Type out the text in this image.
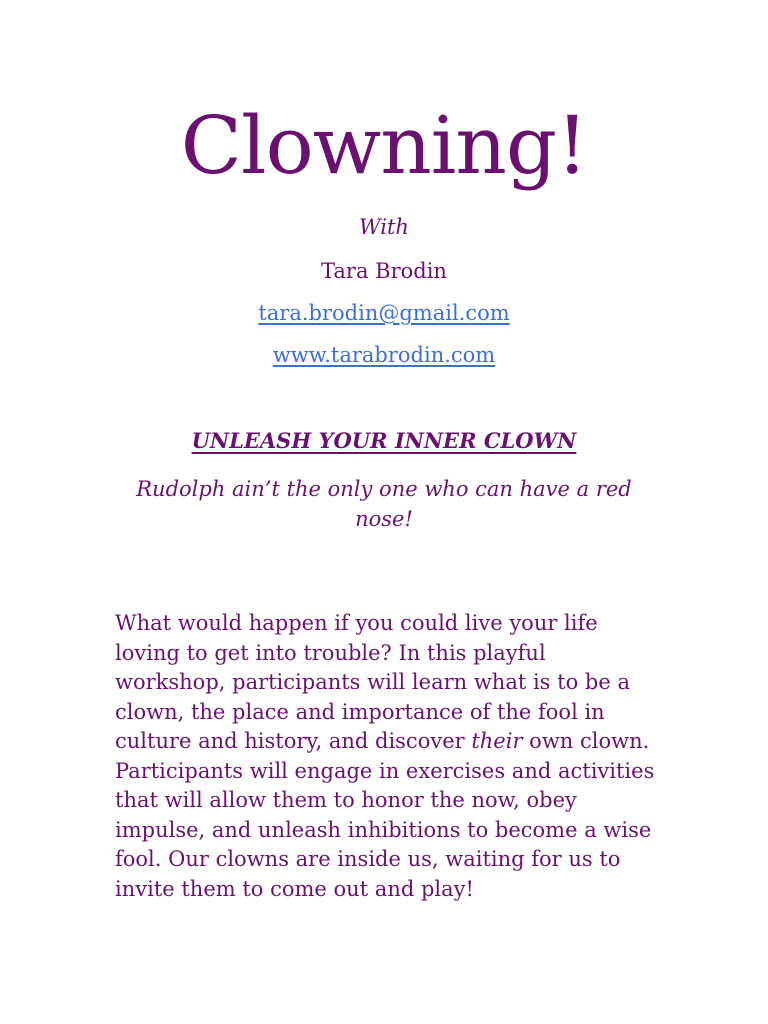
Clowning!
With
Tara Brodin
tara.brodin@gmail.com
www.tarabrodin.com
UNLEASH YOUR INNER CLOWN
Rudolph ain’t the only one who can have a red nose!

What would happen if you could live your life loving to get into trouble? In this playful workshop, participants will learn what is to be a clown, the place and importance of the fool in culture and history, and discover their own clown. Participants will engage in exercises and activities that will allow them to honor the now, obey impulse, and unleash inhibitions to become a wise fool. Our clowns are inside us, waiting for us to invite them to come out and play!
